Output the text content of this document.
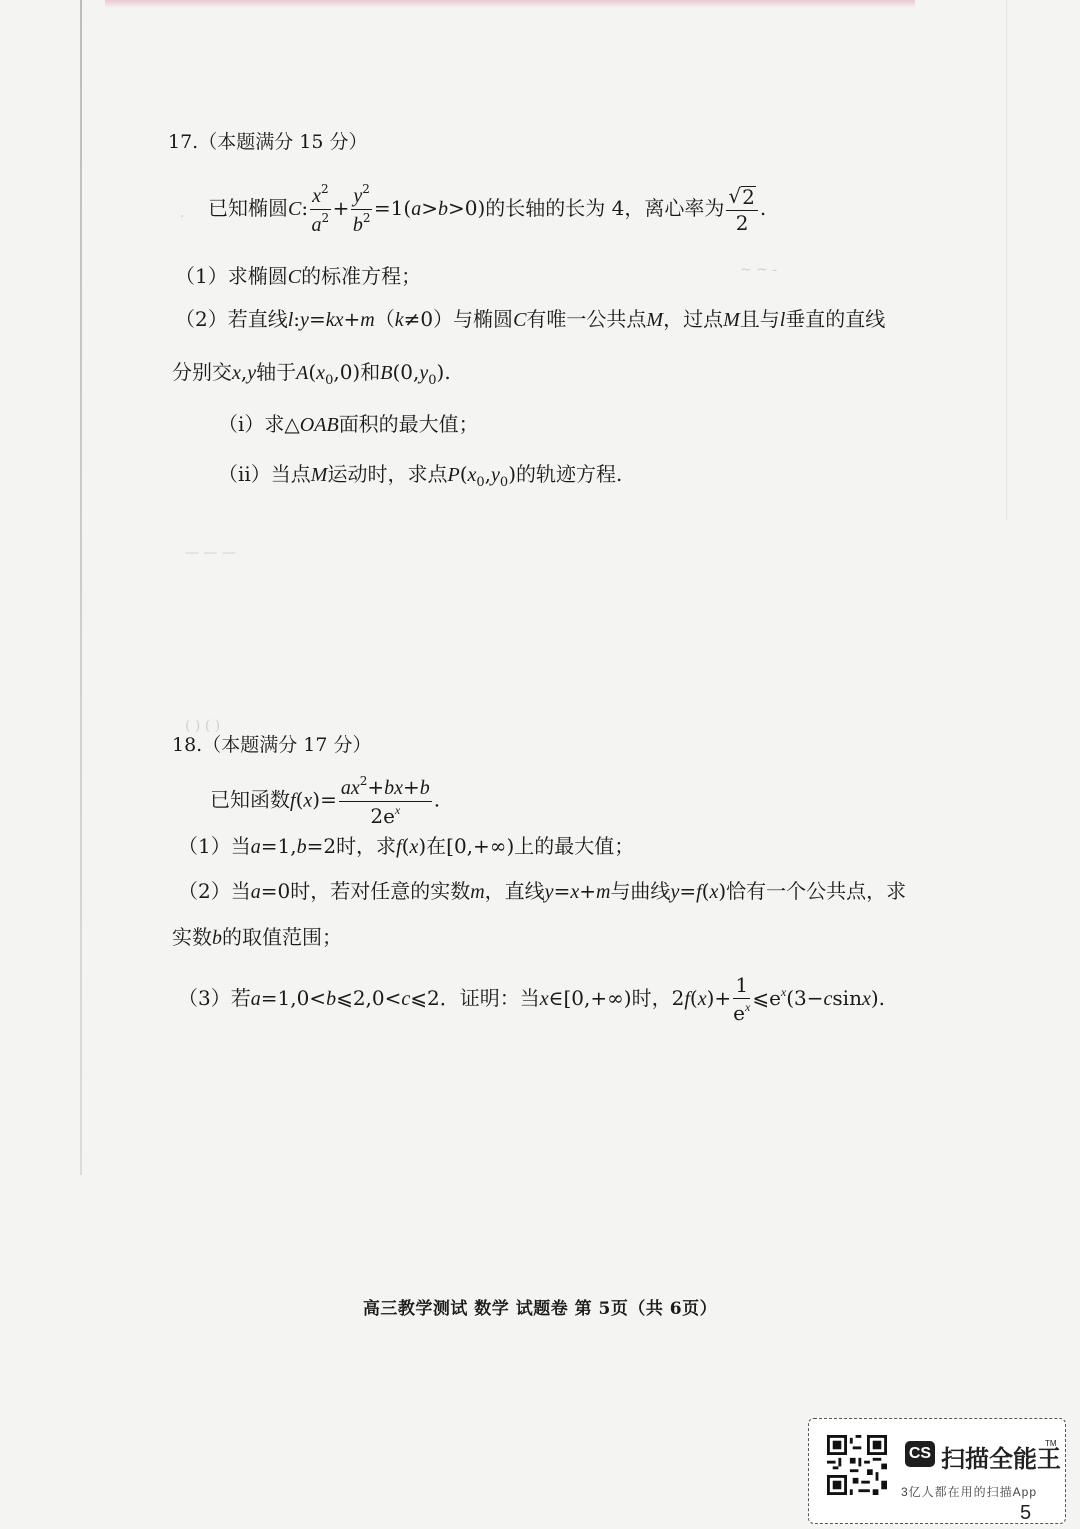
.
~ ~ -
— — —
( ) ( )
17.（本题满分 15 分）
已知椭圆C: $\frac{x^2}{a^2} + \frac{y^2}{b^2} =1(a>b>0)$的长轴的长为 4，离心率为 $\frac{√ 2}{2}$ .
（1）求椭圆C的标准方程；
（2）若直线l:y=kx+m（k≠0）与椭圆C有唯一公共点M，过点M且与l垂直的直线
分别交x,y轴于$A(x_0,0)$和$B(0,y_0)$.
（i）求△OAB面积的最大值；
（ii）当点M运动时，求点$P(x_0,y_0)$的轨迹方程.
18.（本题满分 17 分）
已知函数$f(x)= \frac{ax^2+bx+b}{2e^x}$ .
（1）当a=1,b=2时，求f(x)在[0,+∞)上的最大值；
（2）当a=0时，若对任意的实数m，直线y=x+m与曲线y=f(x)恰有一个公共点，求
实数b的取值范围；
（3）若a=1,0<b⩽2,0<c⩽2．证明：当x∈[0,+∞)时，$2f(x)+ \frac{1}{e^x}$ $⩽e^x(3-csinx)$.
高三教学测试 数学 试题卷 第 5页（共 6页）
CS 扫描全能王
TM
3亿人都在用的扫描App
5
